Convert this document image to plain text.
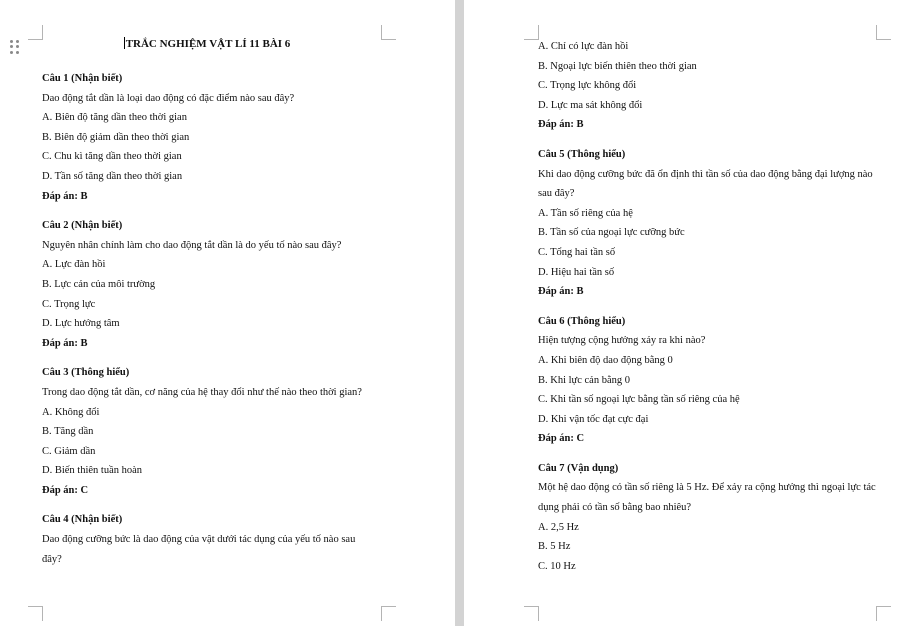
TRẮC NGHIỆM VẬT LÍ 11 BÀI 6
Câu 1 (Nhận biết)
Dao động tắt dần là loại dao động có đặc điểm nào sau đây?
A. Biên độ tăng dần theo thời gian
B. Biên độ giảm dần theo thời gian
C. Chu kì tăng dần theo thời gian
D. Tần số tăng dần theo thời gian
Đáp án: B
Câu 2 (Nhận biết)
Nguyên nhân chính làm cho dao động tắt dần là do yếu tố nào sau đây?
A. Lực đàn hồi
B. Lực cản của môi trường
C. Trọng lực
D. Lực hướng tâm
Đáp án: B
Câu 3 (Thông hiểu)
Trong dao động tắt dần, cơ năng của hệ thay đổi như thế nào theo thời gian?
A. Không đổi
B. Tăng dần
C. Giảm dần
D. Biến thiên tuần hoàn
Đáp án: C
Câu 4 (Nhận biết)
Dao động cưỡng bức là dao động của vật dưới tác dụng của yếu tố nào sau đây?
A. Chỉ có lực đàn hồi
B. Ngoại lực biến thiên theo thời gian
C. Trọng lực không đổi
D. Lực ma sát không đổi
Đáp án: B
Câu 5 (Thông hiểu)
Khi dao động cưỡng bức đã ổn định thì tần số của dao động bằng đại lượng nào sau đây?
A. Tần số riêng của hệ
B. Tần số của ngoại lực cưỡng bức
C. Tổng hai tần số
D. Hiệu hai tần số
Đáp án: B
Câu 6 (Thông hiểu)
Hiện tượng cộng hưởng xảy ra khi nào?
A. Khi biên độ dao động bằng 0
B. Khi lực cản bằng 0
C. Khi tần số ngoại lực bằng tần số riêng của hệ
D. Khi vận tốc đạt cực đại
Đáp án: C
Câu 7 (Vận dụng)
Một hệ dao động có tần số riêng là 5 Hz. Để xảy ra cộng hưởng thì ngoại lực tác dụng phải có tần số bằng bao nhiêu?
A. 2,5 Hz
B. 5 Hz
C. 10 Hz
